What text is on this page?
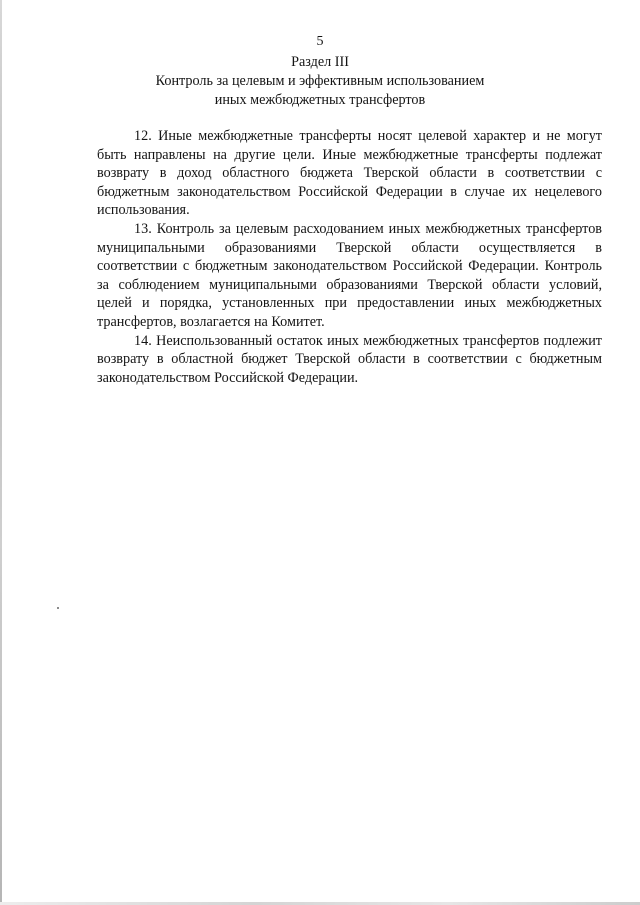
5
Раздел III
Контроль за целевым и эффективным использованием
иных межбюджетных трансфертов

12. Иные межбюджетные трансферты носят целевой характер и не могут быть направлены на другие цели. Иные межбюджетные трансферты подлежат возврату в доход областного бюджета Тверской области в соответствии с бюджетным законодательством Российской Федерации в случае их нецелевого использования.

13. Контроль за целевым расходованием иных межбюджетных трансфертов муниципальными образованиями Тверской области осуществляется в соответствии с бюджетным законодательством Российской Федерации. Контроль за соблюдением муниципальными образованиями Тверской области условий, целей и порядка, установленных при предоставлении иных межбюджетных трансфертов, возлагается на Комитет.

14. Неиспользованный остаток иных межбюджетных трансфертов подлежит возврату в областной бюджет Тверской области в соответствии с бюджетным законодательством Российской Федерации.
